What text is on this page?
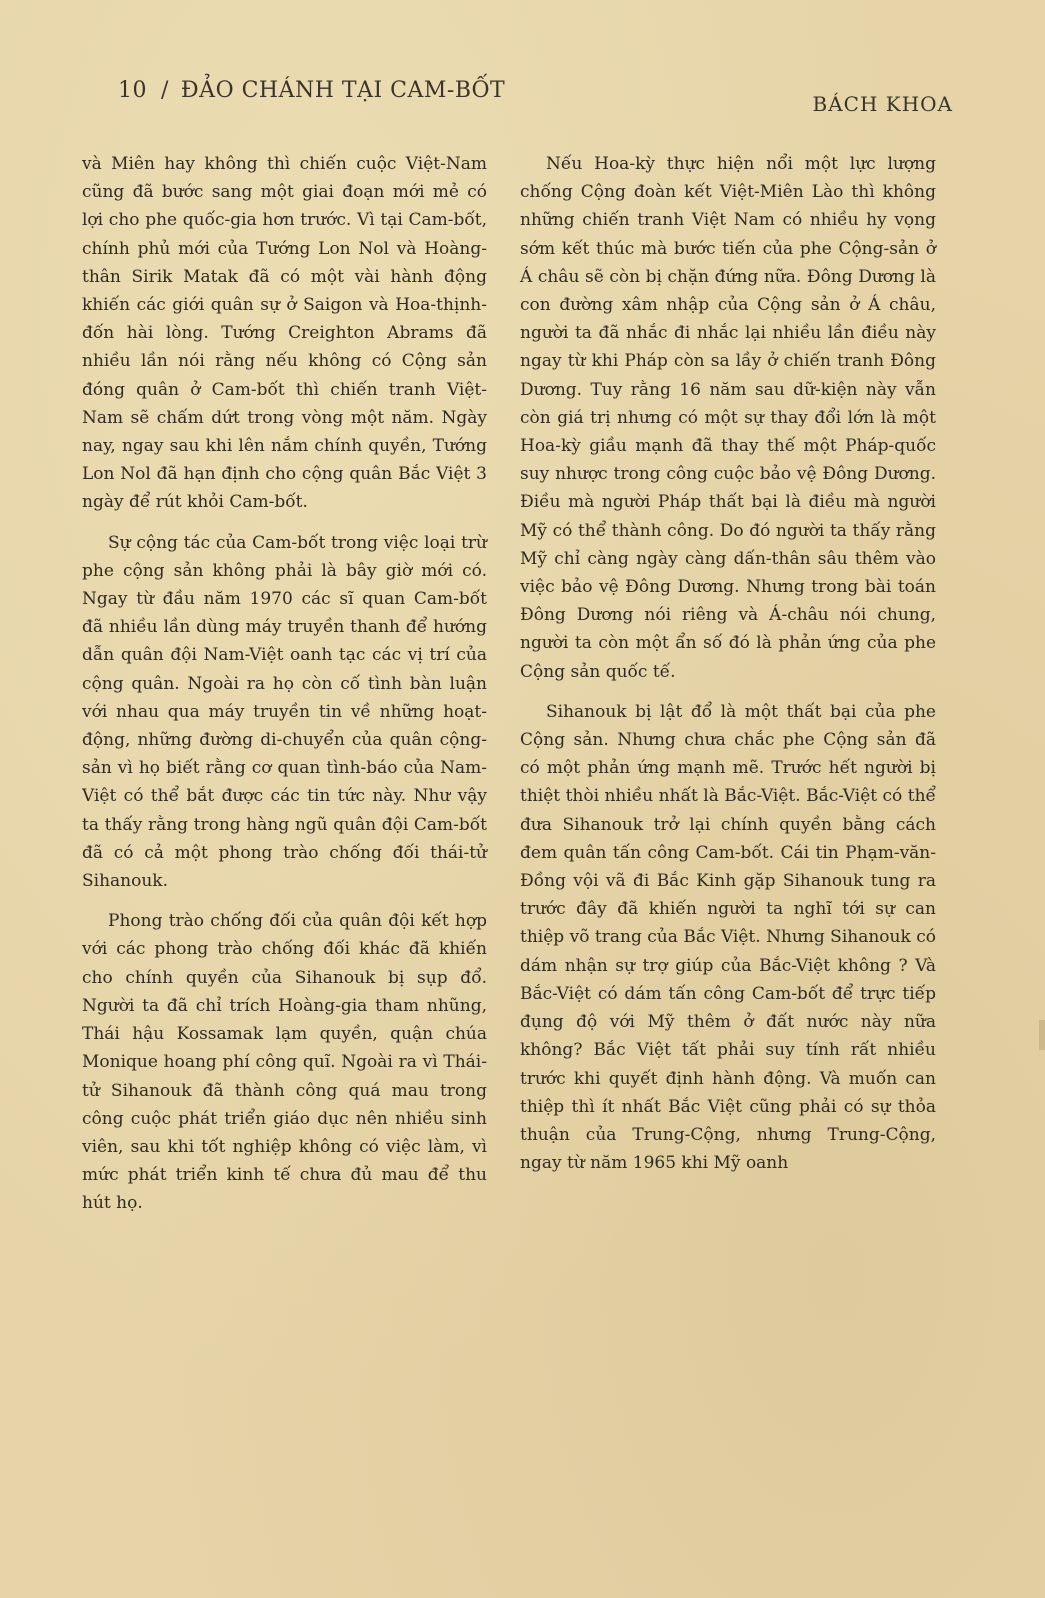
10 / ĐẢO CHÁNH TẠI CAM-BỐT
BÁCH KHOA

và Miên hay không thì chiến cuộc Việt-Nam cũng đã bước sang một giai đoạn mới mẻ có lợi cho phe quốc-gia hơn trước. Vì tại Cam-bốt, chính phủ mới của Tướng Lon Nol và Hoàng-thân Sirik Matak đã có một vài hành động khiến các giới quân sự ở Saigon và Hoa-thịnh-đốn hài lòng. Tướng Creighton Abrams đã nhiều lần nói rằng nếu không có Cộng sản đóng quân ở Cam-bốt thì chiến tranh Việt-Nam sẽ chấm dứt trong vòng một năm. Ngày nay, ngay sau khi lên nắm chính quyền, Tướng Lon Nol đã hạn định cho cộng quân Bắc Việt 3 ngày để rút khỏi Cam-bốt.

Sự cộng tác của Cam-bốt trong việc loại trừ phe cộng sản không phải là bây giờ mới có. Ngay từ đầu năm 1970 các sĩ quan Cam-bốt đã nhiều lần dùng máy truyền thanh để hướng dẫn quân đội Nam-Việt oanh tạc các vị trí của cộng quân. Ngoài ra họ còn cố tình bàn luận với nhau qua máy truyền tin về những hoạt-động, những đường di-chuyển của quân cộng-sản vì họ biết rằng cơ quan tình-báo của Nam-Việt có thể bắt được các tin tức này. Như vậy ta thấy rằng trong hàng ngũ quân đội Cam-bốt đã có cả một phong trào chống đối thái-tử Sihanouk.

Phong trào chống đối của quân đội kết hợp với các phong trào chống đối khác đã khiến cho chính quyền của Sihanouk bị sụp đổ. Người ta đã chỉ trích Hoàng-gia tham nhũng, Thái hậu Kossamak lạm quyền, quận chúa Monique hoang phí công quĩ. Ngoài ra vì Thái-tử Sihanouk đã thành công quá mau trong công cuộc phát triển giáo dục nên nhiều sinh viên, sau khi tốt nghiệp không có việc làm, vì mức phát triển kinh tế chưa đủ mau để thu hút họ.

Nếu Hoa-kỳ thực hiện nổi một lực lượng chống Cộng đoàn kết Việt-Miên Lào thì không những chiến tranh Việt Nam có nhiều hy vọng sớm kết thúc mà bước tiến của phe Cộng-sản ở Á châu sẽ còn bị chặn đứng nữa. Đông Dương là con đường xâm nhập của Cộng sản ở Á châu, người ta đã nhắc đi nhắc lại nhiều lần điều này ngay từ khi Pháp còn sa lầy ở chiến tranh Đông Dương. Tuy rằng 16 năm sau dữ-kiện này vẫn còn giá trị nhưng có một sự thay đổi lớn là một Hoa-kỳ giầu mạnh đã thay thế một Pháp-quốc suy nhược trong công cuộc bảo vệ Đông Dương. Điều mà người Pháp thất bại là điều mà người Mỹ có thể thành công. Do đó người ta thấy rằng Mỹ chỉ càng ngày càng dấn-thân sâu thêm vào việc bảo vệ Đông Dương. Nhưng trong bài toán Đông Dương nói riêng và Á-châu nói chung, người ta còn một ẩn số đó là phản ứng của phe Cộng sản quốc tế.

Sihanouk bị lật đổ là một thất bại của phe Cộng sản. Nhưng chưa chắc phe Cộng sản đã có một phản ứng mạnh mẽ. Trước hết người bị thiệt thòi nhiều nhất là Bắc-Việt. Bắc-Việt có thể đưa Sihanouk trở lại chính quyền bằng cách đem quân tấn công Cam-bốt. Cái tin Phạm-văn-Đồng vội vã đi Bắc Kinh gặp Sihanouk tung ra trước đây đã khiến người ta nghĩ tới sự can thiệp võ trang của Bắc Việt. Nhưng Sihanouk có dám nhận sự trợ giúp của Bắc-Việt không ? Và Bắc-Việt có dám tấn công Cam-bốt để trực tiếp đụng độ với Mỹ thêm ở đất nước này nữa không? Bắc Việt tất phải suy tính rất nhiều trước khi quyết định hành động. Và muốn can thiệp thì ít nhất Bắc Việt cũng phải có sự thỏa thuận của Trung-Cộng, nhưng Trung-Cộng, ngay từ năm 1965 khi Mỹ oanh
